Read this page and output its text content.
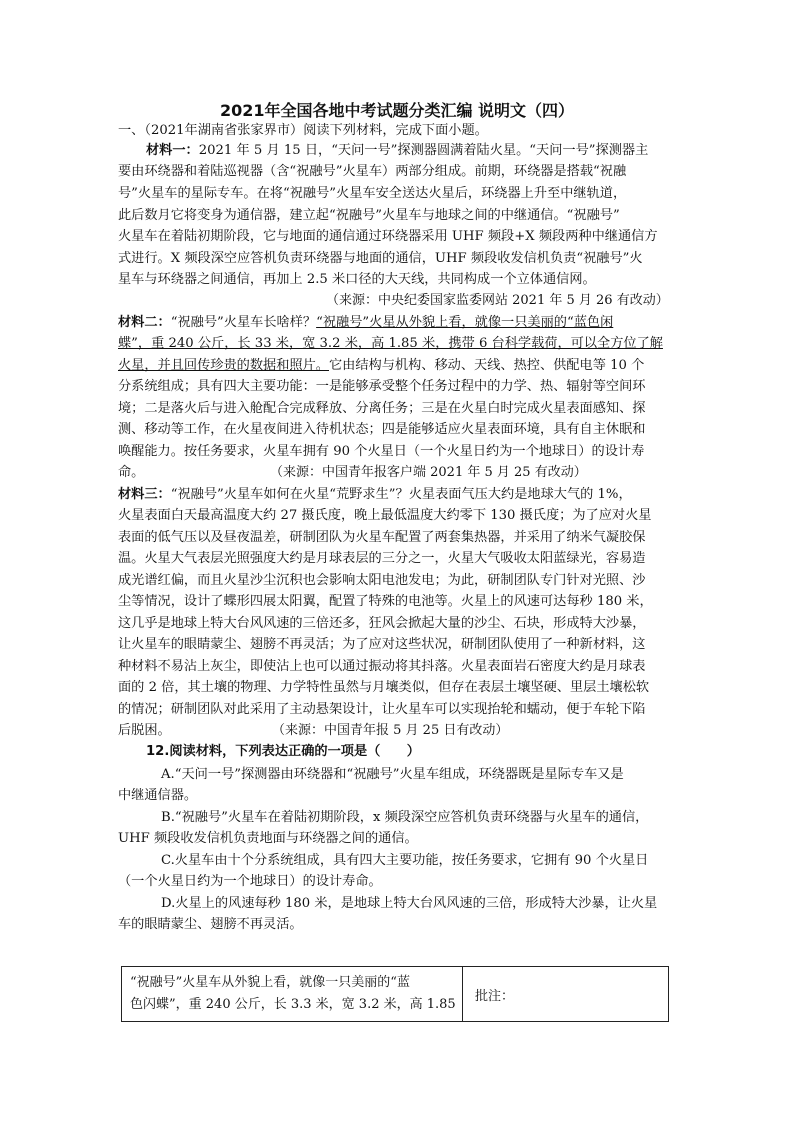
2021年全国各地中考试题分类汇编 说明文（四）
一、（2021年湖南省张家界市）阅读下列材料，完成下面小题。
材料一：2021 年 5 月 15 日，“天问一号”探测器圆满着陆火星。“天问一号”探测器主
要由环绕器和着陆巡视器（含“祝融号”火星车）两部分组成。前期，环绕器是搭载“祝融
号”火星车的星际专车。在将“祝融号”火星车安全送达火星后，环绕器上升至中继轨道，
此后数月它将变身为通信器，建立起“祝融号”火星车与地球之间的中继通信。“祝融号”
火星车在着陆初期阶段，它与地面的通信通过环绕器采用 UHF 频段+X 频段两种中继通信方
式进行。X 频段深空应答机负责环绕器与地面的通信，UHF 频段收发信机负责“祝融号”火
星车与环绕器之间通信，再加上 2.5 米口径的大天线，共同构成一个立体通信网。
（来源：中央纪委国家监委网站 2021 年 5 月 26 有改动）
材料二：“祝融号”火星车长啥样？“祝融号”火星从外貌上看，就像一只美丽的“蓝色闲
蝶”，重 240 公斤，长 33 米，宽 3.2 米，高 1.85 米，携带 6 台科学载荷，可以全方位了解
火星，并且回传珍贵的数据和照片。它由结构与机构、移动、天线、热控、供配电等 10 个
分系统组成；具有四大主要功能：一是能够承受整个任务过程中的力学、热、辐射等空间环
境；二是落火后与进入舱配合完成释放、分离任务；三是在火星白时完成火星表面感知、探
测、移动等工作，在火星夜间进入待机状态；四是能够适应火星表面环境，具有自主休眠和
唤醒能力。按任务要求，火星车拥有 90 个火星日（一个火星日约为一个地球日）的设计寿
命。	（来源：中国青年报客户端 2021 年 5 月 25 有改动）
材料三：“祝融号”火星车如何在火星“荒野求生”？火星表面气压大约是地球大气的 1%，
火星表面白天最高温度大约 27 摄氏度，晚上最低温度大约零下 130 摄氏度；为了应对火星
表面的低气压以及昼夜温差，研制团队为火星车配置了两套集热器，并采用了纳米气凝胶保
温。火星大气表层光照强度大约是月球表层的三分之一，火星大气吸收太阳蓝绿光，容易造
成光谱红偏，而且火星沙尘沉积也会影响太阳电池发电；为此，研制团队专门针对光照、沙
尘等情况，设计了蝶形四展太阳翼，配置了特殊的电池等。火星上的风速可达每秒 180 米，
这几乎是地球上特大台风风速的三倍还多，狂风会掀起大量的沙尘、石块，形成特大沙暴，
让火星车的眼睛蒙尘、翅膀不再灵活；为了应对这些状况，研制团队使用了一种新材料，这
种材料不易沾上灰尘，即使沾上也可以通过振动将其抖落。火星表面岩石密度大约是月球表
面的 2 倍，其土壤的物理、力学特性虽然与月壤类似，但存在表层土壤坚硬、里层土壤松软
的情况；研制团队对此采用了主动悬架设计，让火星车可以实现抬轮和蠕动，便于车轮下陷
后脱困。	（来源：中国青年报 5 月 25 日有改动）
12.阅读材料，下列表达正确的一项是（　　）
A.“天问一号”探测器由环绕器和“祝融号”火星车组成，环绕器既是星际专车又是
中继通信器。
B.“祝融号”火星车在着陆初期阶段，x 频段深空应答机负责环绕器与火星车的通信，
UHF 频段收发信机负责地面与环绕器之间的通信。
C.火星车由十个分系统组成，具有四大主要功能，按任务要求，它拥有 90 个火星日
（一个火星日约为一个地球日）的设计寿命。
D.火星上的风速每秒 180 米，是地球上特大台风风速的三倍，形成特大沙暴，让火星
车的眼睛蒙尘、翅膀不再灵活。
“祝融号”火星车从外貌上看，就像一只美丽的“蓝
色闪蝶”，重 240 公斤，长 3.3 米，宽 3.2 米，高 1.85
	批注：
